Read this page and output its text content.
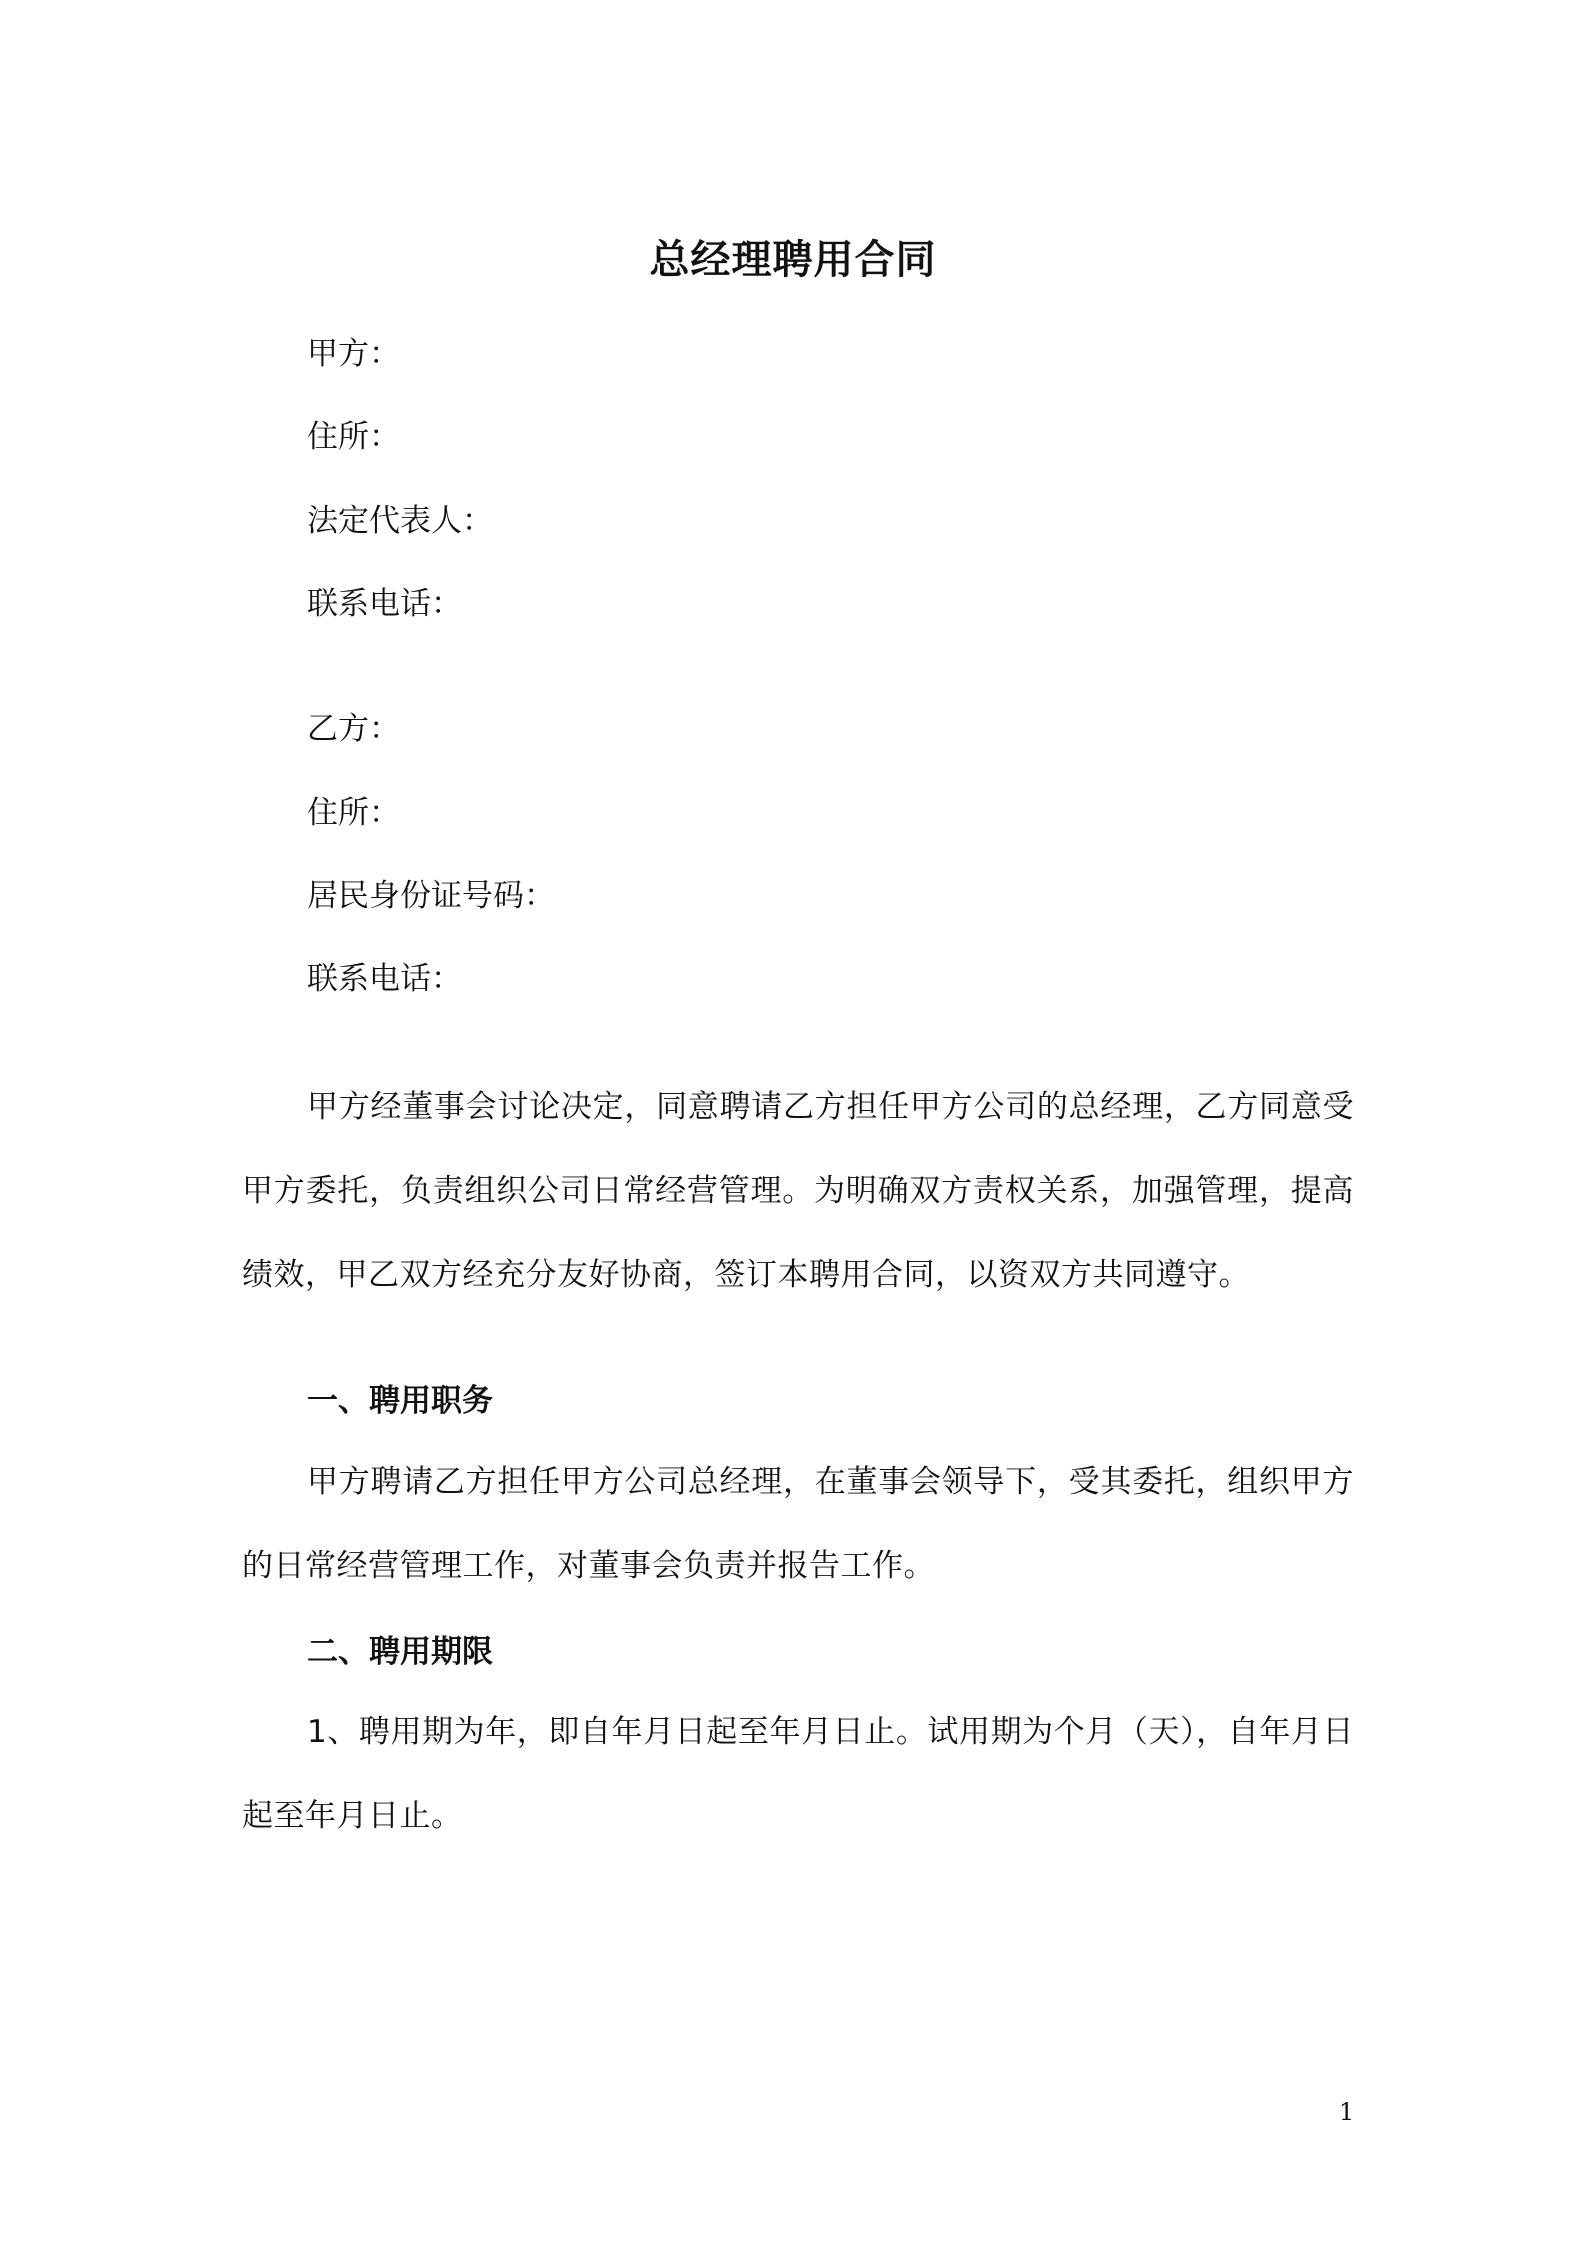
总经理聘用合同
甲方：
住所：
法定代表人：
联系电话：
乙方：
住所：
居民身份证号码：
联系电话：
甲方经董事会讨论决定，同意聘请乙方担任甲方公司的总经理，乙方同意受甲方委托，负责组织公司日常经营管理。为明确双方责权关系，加强管理，提高绩效，甲乙双方经充分友好协商，签订本聘用合同，以资双方共同遵守。
一、聘用职务
甲方聘请乙方担任甲方公司总经理，在董事会领导下，受其委托，组织甲方的日常经营管理工作，对董事会负责并报告工作。
二、聘用期限
1、聘用期为年，即自年月日起至年月日止。试用期为个月（天），自年月日起至年月日止。
1
